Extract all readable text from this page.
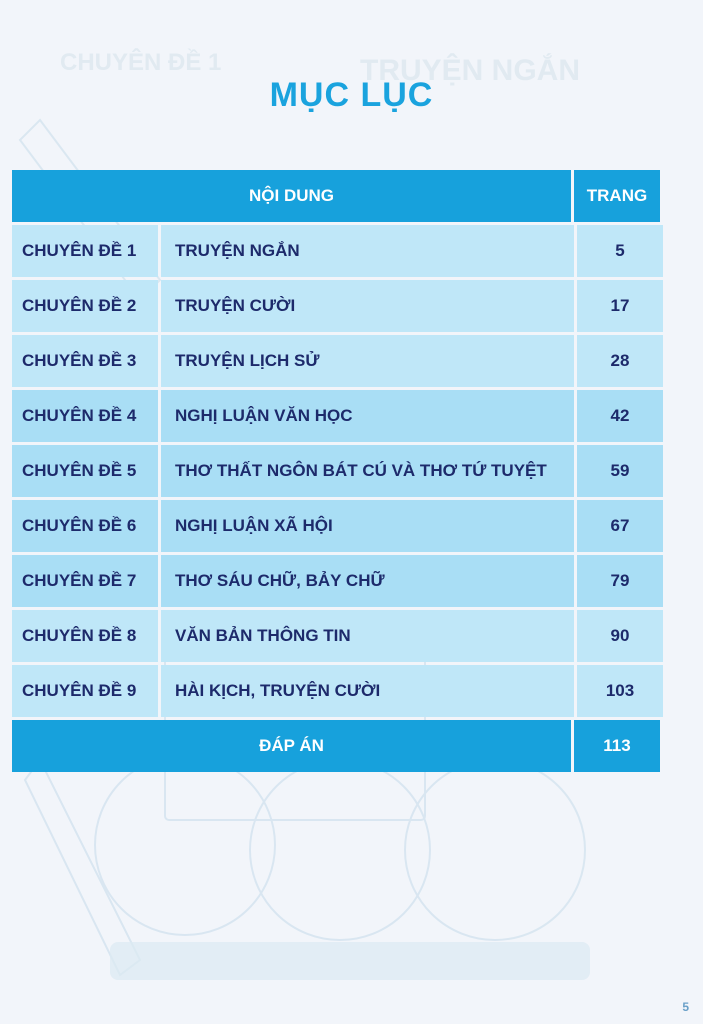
CHUYÊN ĐỀ 1	TRUYỆN NGẮN
MỤC LỤC
NỘI DUNG	TRANG
CHUYÊN ĐỀ 1	TRUYỆN NGẮN	5
CHUYÊN ĐỀ 2	TRUYỆN CƯỜI	17
CHUYÊN ĐỀ 3	TRUYỆN LỊCH SỬ	28
CHUYÊN ĐỀ 4	NGHỊ LUẬN VĂN HỌC	42
CHUYÊN ĐỀ 5	THƠ THẤT NGÔN BÁT CÚ VÀ THƠ TỨ TUYỆT	59
CHUYÊN ĐỀ 6	NGHỊ LUẬN XÃ HỘI	67
CHUYÊN ĐỀ 7	THƠ SÁU CHỮ, BẢY CHỮ	79
CHUYÊN ĐỀ 8	VĂN BẢN THÔNG TIN	90
CHUYÊN ĐỀ 9	HÀI KỊCH, TRUYỆN CƯỜI	103
ĐÁP ÁN	113
5
